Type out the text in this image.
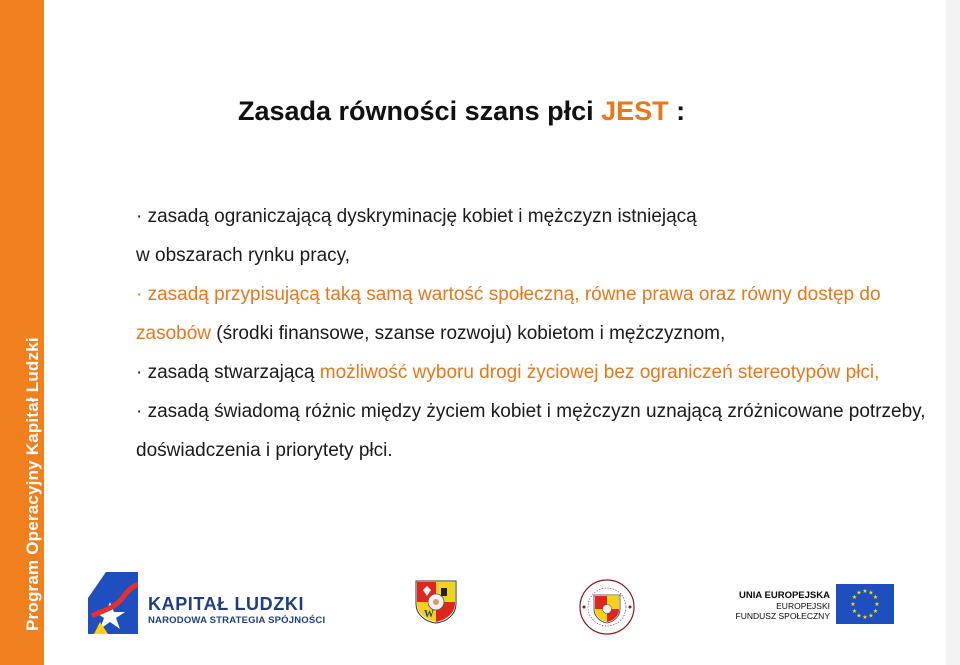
Program Operacyjny Kapitał Ludzki
Zasada równości szans płci JEST :

· zasadą ograniczającą dyskryminację kobiet i mężczyzn istniejącą
w obszarach rynku pracy,

· zasadą przypisującą taką samą wartość społeczną, równe prawa oraz równy dostęp do zasobów (środki finansowe, szanse rozwoju) kobietom i mężczyznom,

· zasadą stwarzającą możliwość wyboru drogi życiowej bez ograniczeń stereotypów płci,

· zasadą świadomą różnic między życiem kobiet i mężczyzn uznającą zróżnicowane potrzeby, doświadczenia i priorytety płci.

KAPITAŁ LUDZKI
NARODOWA STRATEGIA SPÓJNOŚCI
W
UNIA EUROPEJSKA
EUROPEJSKI
FUNDUSZ SPOŁECZNY
★ ★
★
★
★
★
★
★
★
★
★
★
